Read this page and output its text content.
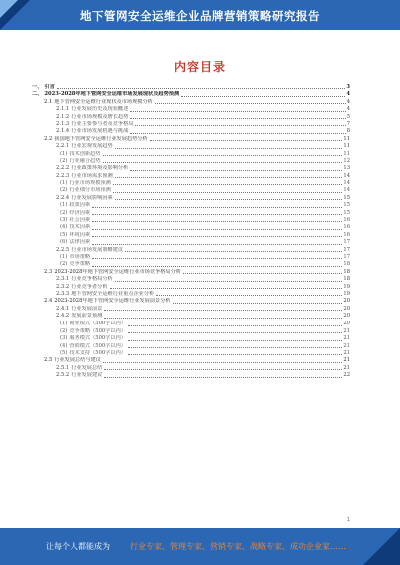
地下管网安全运维企业品牌营销策略研究报告
内容目录
一、 引言	3
二、 2023-2028年地下管网安全运维市场发展现状及趋势预测	4
2.1 地下管网安全运维行业现状及市场规模分析	4
2.1.1 行业发展历史及现状概述	4
2.1.2 行业市场规模及增长趋势	5
2.1.3 行业主要参与者及竞争格局	7
2.1.4 行业市场发展机遇与挑战	8
2.2 我国地下管网安全运维行业发展趋势分析	11
2.2.1 行业宏观发展趋势	11
(1) 技术创新趋势	11
(2) 行业融合趋势	12
2.2.2 行业政策环境及影响分析	13
2.2.3 行业市场需求预测	14
(1) 行业市场规模预测	14
(2) 行业细分市场预测	14
2.2.4 行业发展影响因素	15
(1) 政策因素	15
(2) 经济因素	15
(3) 社会因素	16
(4) 技术因素	16
(5) 环境因素	16
(6) 法律因素	17
2.2.5 行业市场发展策略建议	17
(1) 市场策略	17
(2) 竞争策略	18
2.3 2023-2028年地下管网安全运维行业市场竞争格局分析	18
2.3.1 行业竞争格局分析	18
2.3.2 行业竞争者分析	19
2.3.3 地下管网安全运维行业重点企业分析	19
2.4 2023-2028年地下管网安全运维行业发展前景分析	20
2.4.1 行业发展前景	20
2.4.2 发展前景预测	20
(1) 商业模式（500字以内）	20
(2) 竞争策略（500字以内）	21
(3) 服务模式（500字以内）	21
(4) 营销模式（500字以内）	21
(5) 技术支持（500字以内）	21
2.5 行业发展总结与建议	21
2.5.1 行业发展总结	21
2.5.2 行业发展建议	22
1
让每个人都能成为	行业专家、管理专家、营销专家、战略专家、成功企业家……
